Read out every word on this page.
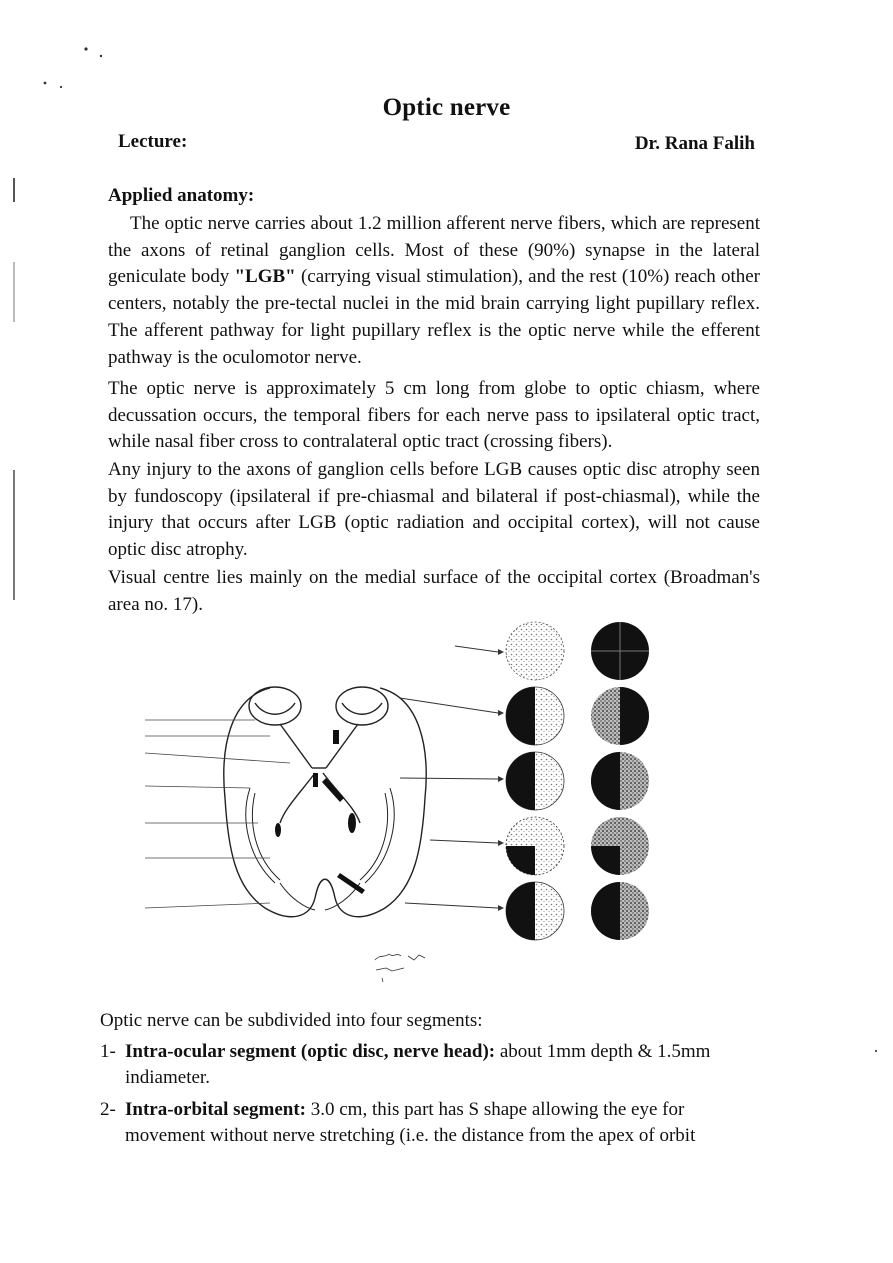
Optic nerve
Lecture:	Dr. Rana Falih
Applied anatomy:
The optic nerve carries about 1.2 million afferent nerve fibers, which are represent the axons of retinal ganglion cells. Most of these (90%) synapse in the lateral geniculate body "LGB" (carrying visual stimulation), and the rest (10%) reach other centers, notably the pre-tectal nuclei in the mid brain carrying light pupillary reflex. The afferent pathway for light pupillary reflex is the optic nerve while the efferent pathway is the oculomotor nerve.
The optic nerve is approximately 5 cm long from globe to optic chiasm, where decussation occurs, the temporal fibers for each nerve pass to ipsilateral optic tract, while nasal fiber cross to contralateral optic tract (crossing fibers).
Any injury to the axons of ganglion cells before LGB causes optic disc atrophy seen by fundoscopy (ipsilateral if pre-chiasmal and bilateral if post-chiasmal), while the injury that occurs after LGB (optic radiation and occipital cortex), will not cause optic disc atrophy.
Visual centre lies mainly on the medial surface of the occipital cortex (Broadman's area no. 17).
Optic nerve can be subdivided into four segments:
1- Intra-ocular segment (optic disc, nerve head): about 1mm depth & 1.5mm indiameter.
2- Intra-orbital segment: 3.0 cm, this part has S shape allowing the eye for movement without nerve stretching (i.e. the distance from the apex of orbit
